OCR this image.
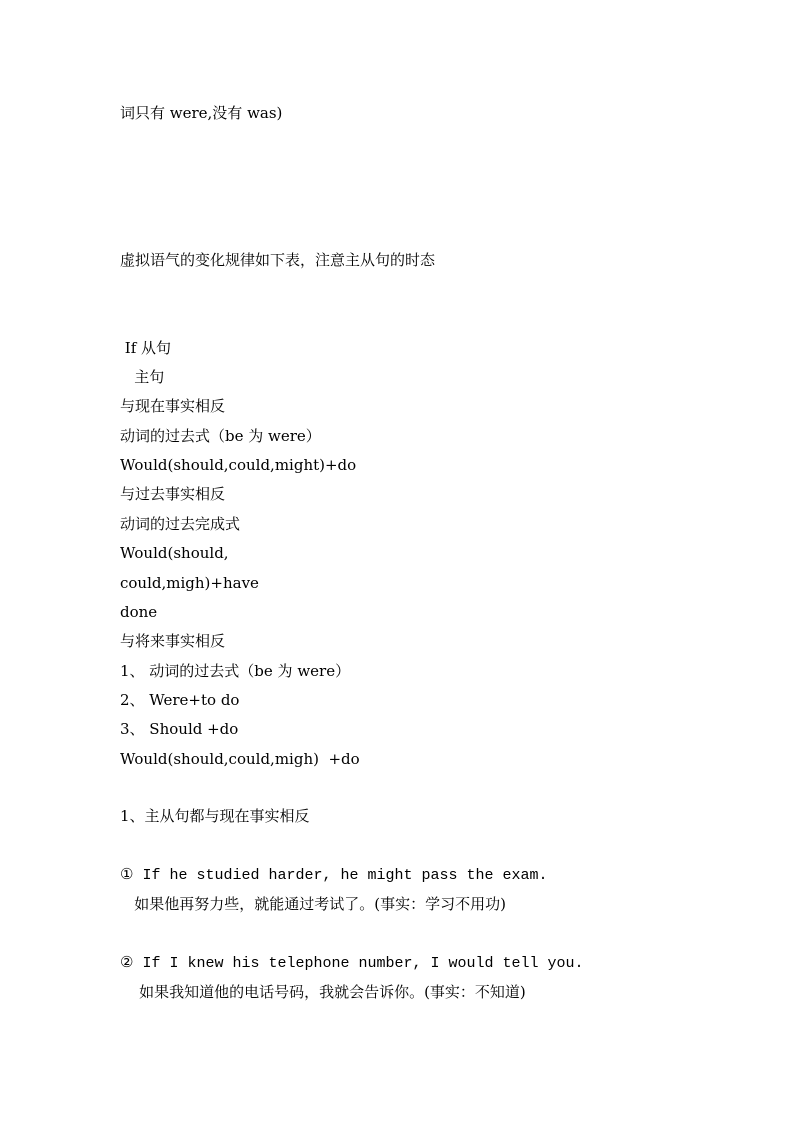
词只有 were,没有 was)
虚拟语气的变化规律如下表，注意主从句的时态
If 从句
主句
与现在事实相反
动词的过去式（be 为 were）
Would(should,could,might)+do
与过去事实相反
动词的过去完成式
Would(should,
could,migh)+have
done
与将来事实相反
1、 动词的过去式（be 为 were）
2、 Were+to do
3、 Should +do
Would(should,could,migh)  +do
1、主从句都与现在事实相反
① If he studied harder, he might pass the exam.
如果他再努力些，就能通过考试了。(事实：学习不用功)
② If I knew his telephone number, I would tell you.
如果我知道他的电话号码，我就会告诉你。(事实：不知道)
